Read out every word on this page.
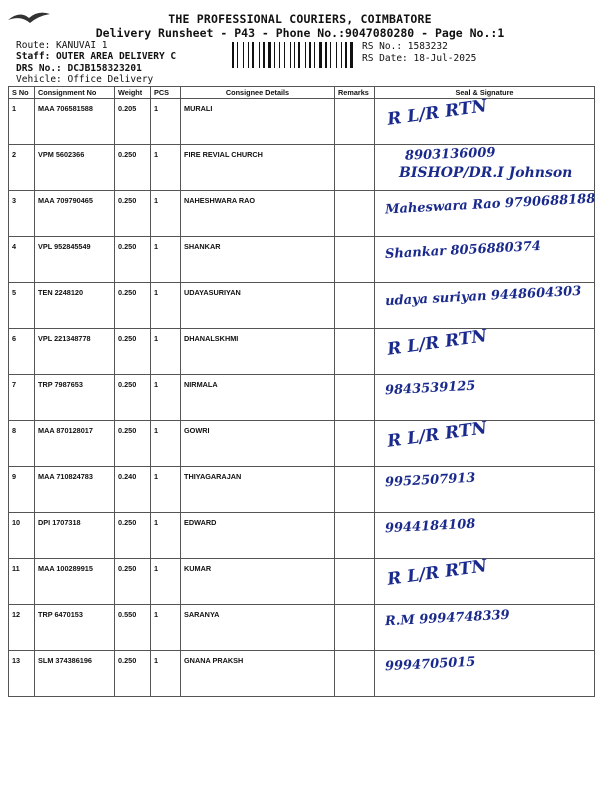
THE PROFESSIONAL COURIERS, COIMBATORE
Delivery Runsheet - P43 - Phone No.:9047080280 - Page No.:1
Route: KANUVAI 1
Staff: OUTER AREA DELIVERY C
DRS No.: DCJB158323201
Vehicle: Office Delivery
RS No.: 1583232
RS Date: 18-Jul-2025
S No	Consignment No	Weight	PCS	Consignee Details	Remarks	Seal & Signature
1	MAA 706581588	0.205	1	MURALI		R L/R RTN

2	VPM 5602366	0.250	1	FIRE REVIAL CHURCH		8903136009
BISHOP/DR.I Johnson

3	MAA 709790465	0.250	1	NAHESHWARA RAO		Maheswara Rao 9790688188

4	VPL 952845549	0.250	1	SHANKAR		Shankar 8056880374

5	TEN 2248120	0.250	1	UDAYASURIYAN		udaya suriyan 9448604303

6	VPL 221348778	0.250	1	DHANALSKHMI		R L/R RTN

7	TRP 7987653	0.250	1	NIRMALA		9843539125

8	MAA 870128017	0.250	1	GOWRI		R L/R RTN

9	MAA 710824783	0.240	1	THIYAGARAJAN		9952507913

10	DPI 1707318	0.250	1	EDWARD		9944184108

11	MAA 100289915	0.250	1	KUMAR		R L/R RTN

12	TRP 6470153	0.550	1	SARANYA		R.M 9994748339

13	SLM 374386196	0.250	1	GNANA PRAKSH		9994705015
